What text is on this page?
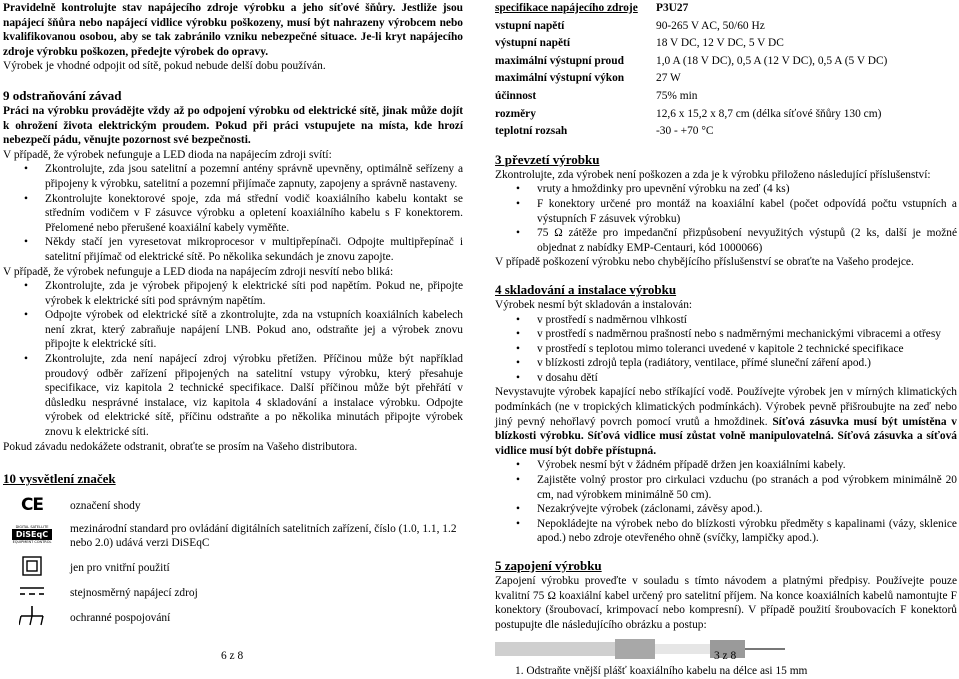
Pravidelně kontrolujte stav napájecího zdroje výrobku a jeho síťové šňůry. Jestliže jsou napájecí šňůra nebo napájecí vidlice výrobku poškozeny, musí být nahrazeny výrobcem nebo kvalifikovanou osobou, aby se tak zabránilo vzniku nebezpečné situace. Je-li kryt napájecího zdroje výrobku poškozen, předejte výrobek do opravy.

Výrobek je vhodné odpojit od sítě, pokud nebude delší dobu používán.

9 odstraňování závad

Práci na výrobku provádějte vždy až po odpojení výrobku od elektrické sítě, jinak může dojít k ohrožení života elektrickým proudem. Pokud při práci vstupujete na místa, kde hrozí nebezpečí pádu, věnujte pozornost své bezpečnosti.

V případě, že výrobek nefunguje a LED dioda na napájecím zdroji svítí:

• Zkontrolujte, zda jsou satelitní a pozemní antény správně upevněny, optimálně seřízeny a připojeny k výrobku, satelitní a pozemní přijímače zapnuty, zapojeny a správně nastaveny.
• Zkontrolujte konektorové spoje, zda má střední vodič koaxiálního kabelu kontakt se středním vodičem v F zásuvce výrobku a opletení koaxiálního kabelu s F konektorem. Přelomené nebo přerušené koaxiální kabely vyměňte.
• Někdy stačí jen vyresetovat mikroprocesor v multipřepínači. Odpojte multipřepínač i satelitní přijímač od elektrické sítě. Po několika sekundách je znovu zapojte.

V případě, že výrobek nefunguje a LED dioda na napájecím zdroji nesvítí nebo bliká:

• Zkontrolujte, zda je výrobek připojený k elektrické síti pod napětím. Pokud ne, připojte výrobek k elektrické síti pod správným napětím.
• Odpojte výrobek od elektrické sítě a zkontrolujte, zda na vstupních koaxiálních kabelech není zkrat, který zabraňuje napájení LNB. Pokud ano, odstraňte jej a výrobek znovu připojte k elektrické síti.
• Zkontrolujte, zda není napájecí zdroj výrobku přetížen. Příčinou může být například proudový odběr zařízení připojených na satelitní vstupy výrobku, který přesahuje specifikace, viz kapitola 2 technické specifikace. Další příčinou může být přehřátí v důsledku nesprávné instalace, viz kapitola 4 skladování a instalace výrobku. Odpojte výrobek od elektrické sítě, příčinu odstraňte a po několika minutách připojte výrobek znovu k elektrické síti.

Pokud závadu nedokážete odstranit, obraťte se prosím na Vašeho distributora.

10 vysvětlení značek

CE	označení shody

DIGITAL SATELLITE
DiSEqC
EQUIPMENT CONTROL	mezinárodní standard pro ovládání digitálních satelitních zařízení, číslo (1.0, 1.1, 1.2 nebo 2.0) udává verzi DiSEqC
	jen pro vnitřní použití
	stejnosměrný napájecí zdroj
	ochranné pospojování
6 z 8
specifikace napájecího zdroje	P3U27
vstupní napětí	90-265 V AC, 50/60 Hz
výstupní napětí	18 V DC, 12 V DC, 5 V DC
maximální výstupní proud	1,0 A (18 V DC), 0,5 A (12 V DC), 0,5 A (5 V DC)
maximální výstupní výkon	27 W
účinnost	75% min
rozměry	12,6 x 15,2 x 8,7 cm (délka síťové šňůry 130 cm)
teplotní rozsah	-30 - +70 °C

3 převzetí výrobku

Zkontrolujte, zda výrobek není poškozen a zda je k výrobku přiloženo následující příslušenství:

• vruty a hmoždinky pro upevnění výrobku na zeď (4 ks)
• F konektory určené pro montáž na koaxiální kabel (počet odpovídá počtu vstupních a výstupních F zásuvek výrobku)
• 75 Ω zátěže pro impedanční přizpůsobení nevyužitých výstupů (2 ks, další je možné objednat z nabídky EMP-Centauri, kód 1000066)

V případě poškození výrobku nebo chybějícího příslušenství se obraťte na Vašeho prodejce.

4 skladování a instalace výrobku

Výrobek nesmí být skladován a instalován:

• v prostředí s nadměrnou vlhkostí
• v prostředí s nadměrnou prašností nebo s nadměrnými mechanickými vibracemi a otřesy
• v prostředí s teplotou mimo toleranci uvedené v kapitole 2 technické specifikace
• v blízkosti zdrojů tepla (radiátory, ventilace, přímé sluneční záření apod.)
• v dosahu dětí

Nevystavujte výrobek kapající nebo stříkající vodě. Používejte výrobek jen v mírných klimatických podmínkách (ne v tropických klimatických podmínkách). Výrobek pevně přišroubujte na zeď nebo jiný pevný nehořlavý povrch pomocí vrutů a hmoždinek. Síťová zásuvka musí být umístěna v blízkosti výrobku. Síťová vidlice musí zůstat volně manipulovatelná. Síťová zásuvka a síťová vidlice musí být dobře přístupná.

• Výrobek nesmí být v žádném případě držen jen koaxiálními kabely.
• Zajistěte volný prostor pro cirkulaci vzduchu (po stranách a pod výrobkem minimálně 20 cm, nad výrobkem minimálně 50 cm).
• Nezakrývejte výrobek (záclonami, závěsy apod.).
• Nepokládejte na výrobek nebo do blízkosti výrobku předměty s kapalinami (vázy, sklenice apod.) nebo zdroje otevřeného ohně (svíčky, lampičky apod.).

5 zapojení výrobku

Zapojení výrobku proveďte v souladu s tímto návodem a platnými předpisy. Používejte pouze kvalitní 75 Ω koaxiální kabel určený pro satelitní příjem. Na konce koaxiálních kabelů namontujte F konektory (šroubovací, krimpovací nebo kompresní). V případě použití šroubovacích F konektorů postupujte dle následujícího obrázku a postup:

1. Odstraňte vnější plášť koaxiálního kabelu na délce asi 15 mm

3 z 8
